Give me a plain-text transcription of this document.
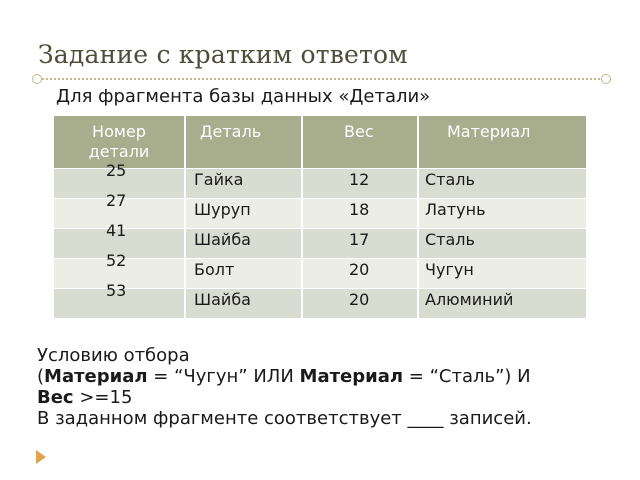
Задание с кратким ответом
Для фрагмента базы данных «Детали»
Номер
детали	Деталь	Вес	Материал

25	Гайка	12	Сталь

27	Шуруп	18	Латунь

41	Шайба	17	Сталь

52	Болт	20	Чугун

53	Шайба	20	Алюминий
Условию отбора
(Материал = “Чугун” ИЛИ Материал = “Сталь”) И
Вес >=15
В заданном фрагменте соответствует ____ записей.
